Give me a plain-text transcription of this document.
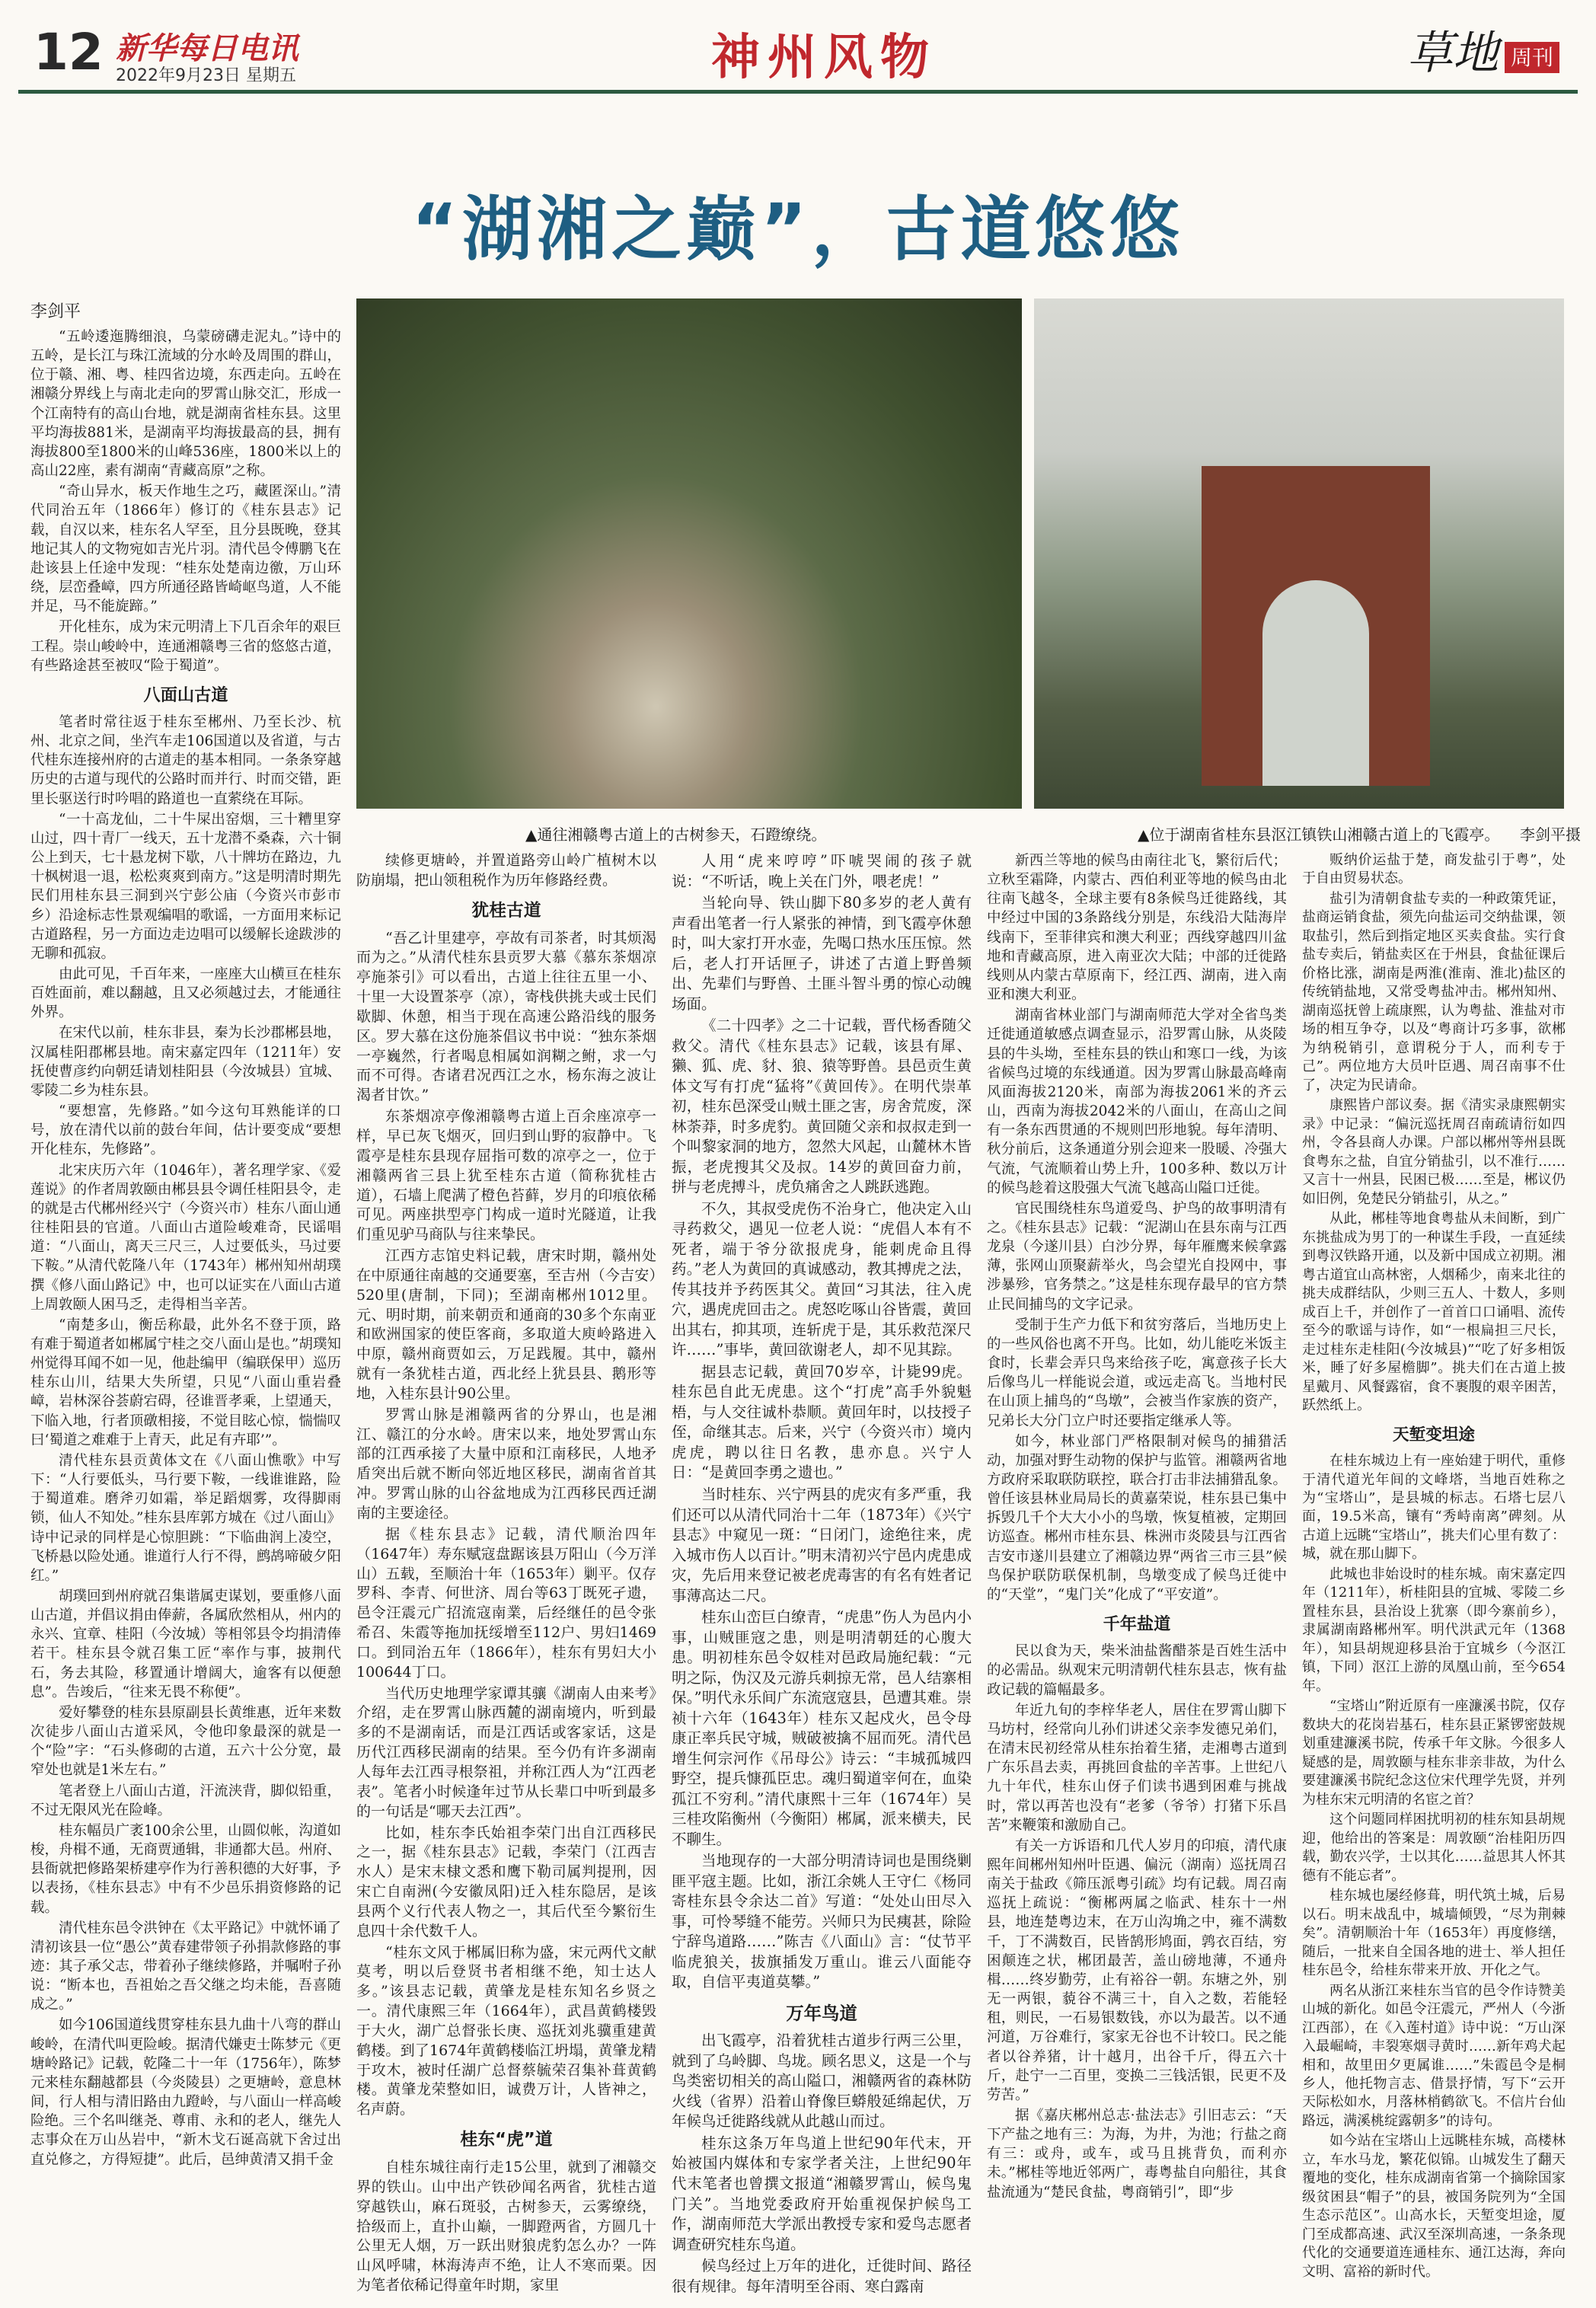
12 新华每日电讯
2022年9月23日 星期五	神州风物	草地 周刊
“湖湘之巅”，古道悠悠
李剑平
▲通往湘赣粤古道上的古树参天，石蹬缭绕。	▲位于湖南省桂东县沤江镇铁山湘赣古道上的飞霞亭。 李剑平摄

“五岭逶迤腾细浪，乌蒙磅礴走泥丸。”诗中的五岭，是长江与珠江流域的分水岭及周围的群山，位于赣、湘、粤、桂四省边境，东西走向。五岭在湘赣分界线上与南北走向的罗霄山脉交汇，形成一个江南特有的高山台地，就是湖南省桂东县。这里平均海拔881米，是湖南平均海拔最高的县，拥有海拔800至1800米的山峰536座，1800米以上的高山22座，素有湖南“青藏高原”之称。

“奇山异水，板天作地生之巧，藏匿深山。”清代同治五年（1866年）修订的《桂东县志》记载，自汉以来，桂东名人罕至，且分县既晚，登其地记其人的文物宛如吉光片羽。清代邑令傅鹏飞在赴该县上任途中发现：“桂东处楚南边徼，万山环绕，层峦叠嶂，四方所通径路皆崎岖鸟道，人不能并足，马不能旋蹄。”

开化桂东，成为宋元明清上下几百余年的艰巨工程。崇山峻岭中，连通湘赣粤三省的悠悠古道，有些路途甚至被叹“险于蜀道”。

八面山古道

笔者时常往返于桂东至郴州、乃至长沙、杭州、北京之间，坐汽车走106国道以及省道，与古代桂东连接州府的古道走的基本相同。一条条穿越历史的古道与现代的公路时而并行、时而交错，距里长驱送行时吟唱的路道也一直萦绕在耳际。

“一十高龙仙，二十牛屎出窑烟，三十糟里穿山过，四十青厂一线天，五十龙潜不桑森，六十铜公上到天，七十悬龙树下歇，八十牌坊在路边，九十枫树退一退，松松爽爽到南方。”这是明清时期先民们用桂东县三洞到兴宁彭公庙（今资兴市彭市乡）沿途标志性景观编唱的歌谣，一方面用来标记古道路程，另一方面边走边唱可以缓解长途跋涉的无聊和孤寂。

由此可见，千百年来，一座座大山横亘在桂东百姓面前，难以翻越，且又必须越过去，才能通往外界。

在宋代以前，桂东非县，秦为长沙郡郴县地，汉属桂阳郡郴县地。南宋嘉定四年（1211年）安抚使曹彦约向朝廷请划桂阳县（今汝城县）宜城、零陵二乡为桂东县。

“要想富，先修路。”如今这句耳熟能详的口号，放在清代以前的鼓台年间，估计要变成“要想开化桂东，先修路”。

北宋庆历六年（1046年），著名理学家、《爱莲说》的作者周敦颐由郴县县令调任桂阳县令，走的就是古代郴州经兴宁（今资兴市）桂东八面山通往桂阳县的官道。八面山古道险峻难奇，民谣唱道：“八面山，离天三尺三，人过要低头，马过要下鞍。”从清代乾隆八年（1743年）郴州知州胡璞撰《修八面山路记》中，也可以证实在八面山古道上周敦颐人困马乏，走得相当辛苦。

“南楚多山，衡岳称最，此外名不登于顶，路有难于蜀道者如郴属宁桂之交八面山是也。”胡璞知州觉得耳闻不如一见，他赴编甲（编联保甲）巡历桂东山川，结果大失所望，只见“八面山重岩叠嶂，岩林深谷荟蔚宕碍，径谁晋孝乘，上望通天，下临入地，行者顶礅相接，不觉目眩心惊，惴惴叹曰‘蜀道之难难于上青天，此足有卉耶’”。

清代桂东县贡黄体文在《八面山憔歌》中写下：“人行要低头，马行要下鞍，一线谁谁路，险于蜀道难。磨斧刃如霜，举足蹈烟雾，攻得脚雨锁，仙人不知处。”桂东县库郭方城在《过八面山》诗中记录的同样是心惊胆跳：“下临曲润上凌空，飞桥悬以险处通。谁道行人行不得，鹧鸪啼破夕阳红。”

胡璞回到州府就召集谐属吏谋划，要重修八面山古道，并倡议捐由俸薪，各属欣然相从，州内的永兴、宜章、桂阳（今汝城）等相邻县令均捐清俸若干。桂东县令就召集工匠“率作与事，披荆代石，务去其险，移置通计增阔大，逾客有以便憩息”。告竣后，“往来无畏不称便”。

爱好攀登的桂东县原副县长黄维惠，近年来数次徒步八面山古道采风，令他印象最深的就是一个“险”字：“石头修砌的古道，五六十公分宽，最窄处也就是1米左右。”

笔者登上八面山古道，汗流浃背，脚似铅重，不过无限风光在险峰。

桂东幅员广袤100余公里，山圆似帐，沟道如梭，舟楫不通，无商贾通辑，非通都大邑。州府、县衙就把修路架桥建亭作为行善积德的大好事，予以表扬，《桂东县志》中有不少邑乐捐资修路的记载。

清代桂东邑令洪钟在《太平路记》中就怀诵了清初该县一位“愚公”黄春建带领子孙捐款修路的事迹：其子承父志，带着孙子继续修路，并嘱咐子孙说：“断本也，吾祖始之吾父继之均未能，吾喜随成之。”

如今106国道线贯穿桂东县九曲十八弯的群山峻岭，在清代叫更险峻。据清代嫌吏士陈梦元《更塘岭路记》记载，乾隆二十一年（1756年），陈梦元来桂东翻越都县（今炎陵县）之更塘岭，意息林间，行人相与清旧路由九蹬岭，与八面山一样高峻险绝。三个名叫继尧、尊甫、永和的老人，继先人志事众在万山丛岩中，“新木戈石诞高就下舍过出直兑修之，方得短捷”。此后，邑绅黄清又捐千金

续修更塘岭，并置道路旁山岭广植树木以防崩塌，把山领租税作为历年修路经费。

犹桂古道

“吾乙计里建亭，亭故有司茶者，时其烦渴而为之。”从清代桂东县贡罗大慕《慕东茶烟凉亭施茶引》可以看出，古道上往往五里一小、十里一大设置茶亭（凉），寄栈供挑夫或士民们歇脚、休憩，相当于现在高速公路沿线的服务区。罗大慕在这份施茶倡议书中说：“独东茶烟一亭巍然，行者喝息相属如润糊之鲋，求一勺而不可得。杏诸君况西江之水，杨东海之波让渴者甘饮。”

东茶烟凉亭像湘赣粤古道上百余座凉亭一样，早已灰飞烟灭，回归到山野的寂静中。飞霞亭是桂东县现存屈指可数的凉亭之一，位于湘赣两省三县上犹至桂东古道（简称犹桂古道），石墙上爬满了橙色苔藓，岁月的印痕依稀可见。两座拱型亭门构成一道时光隧道，让我们重见驴马商队与往来挚民。

江西方志馆史料记载，唐宋时期，赣州处在中原通往南越的交通要塞，至吉州（今吉安）520里(唐制，下同)；至湖南郴州1012里。元、明时期，前来朝贡和通商的30多个东南亚和欧洲国家的使臣客商，多取道大庾岭路进入中原，赣州商贾如云，万足践履。其中，赣州就有一条犹桂古道，西北经上犹县县、鹅形等地，入桂东县计90公里。

罗霄山脉是湘赣两省的分界山，也是湘江、赣江的分水岭。唐宋以来，地处罗霄山东部的江西承接了大量中原和江南移民，人地矛盾突出后就不断向邻近地区移民，湖南省首其冲。罗霄山脉的山谷盆地成为江西移民西迁湖南的主要途径。

据《桂东县志》记载，清代顺治四年（1647年）寿东赋寇盘踞该县万阳山（今万洋山）五载，至顺治十年（1653年）剿平。仅存罗科、李青、何世济、周台等63丁既死孑遗，邑令汪震元广招流寇南業，后经继任的邑令张希召、朱霞等拖加抚绥增至112户、男妇1469口。到同治五年（1866年），桂东有男妇大小100644丁口。

当代历史地理学家谭其骧《湖南人由来考》介绍，走在罗霄山脉西麓的湖南境内，听到最多的不是湖南话，而是江西话或客家话，这是历代江西移民湖南的结果。至今仍有许多湖南人每年去江西寻根祭祖，并称江西人为“江西老表”。笔者小时候逢年过节从长辈口中听到最多的一句话是“哪天去江西”。

比如，桂东李氏始祖李荣门出自江西移民之一，据《桂东县志》记载，李荣门（江西吉水人）是宋末棣文悉和鹰下勒司属判提刑，因宋亡自南洲(今安徽凤阳)迁入桂东隐居，是该县两个义行代表人物之一，其后代至今繁衍生息四十余代数千人。

“桂东文风于郴属旧称为盛，宋元两代文献莫考，明以后登贤书者相继不绝，知士达人多。”该县志记载，黄肇龙是桂东知名乡贤之一。清代康熙三年（1664年），武昌黄鹤楼毁于大火，湖广总督张长庚、巡抚刘兆骥重建黄鹤楼。到了1674年黄鹤楼临江坍塌，黄肇龙精于攻木，被时任湖广总督蔡毓荣召集补葺黄鹤楼。黄肇龙荣整如旧，诚费万计，人皆神之，名声蔚。

桂东“虎”道

自桂东城往南行走15公里，就到了湘赣交界的铁山。山中出产铁砂闻名两省，犹桂古道穿越铁山，麻石斑驳，古树参天，云雾缭绕，拾级而上，直扑山巅，一脚蹬两省，方圆几十公里无人烟，万一跃出财狼虎豹怎么办？一阵山风呼啸，林海涛声不绝，让人不寒而栗。因为笔者依稀记得童年时期，家里

人用“虎来哼哼”吓唬哭闹的孩子就说：“不听话，晚上关在门外，喂老虎！”

当轮向导、铁山脚下80多岁的老人黄有声看出笔者一行人紧张的神情，到飞霞亭休憩时，叫大家打开水壶，先喝口热水压压惊。然后，老人打开话匣子，讲述了古道上野兽频出、先辈们与野兽、土匪斗智斗勇的惊心动魄场面。

《二十四孝》之二十记载，晋代杨香随父救父。清代《桂东县志》记载，该县有犀、獭、狐、虎、豺、狼、猿等野兽。县邑贡生黄体文写有打虎“猛将”《黄回传》。在明代崇革初，桂东邑深受山贼土匪之害，房舍荒废，深林荼莽，时多虎豹。黄回随父亲和叔叔走到一个叫黎家洞的地方，忽然大风起，山麓林木皆振，老虎搜其父及叔。14岁的黄回奋力前，拼与老虎搏斗，虎负痛舍之人跳跃逃跑。

不久，其叔受虎伤不治身亡，他决定入山寻药救父，遇见一位老人说：“虎倡人本有不死者，端于爷分欲报虎身，能刺虎命且得药。”老人为黄回的真诚感动，教其搏虎之法，传其技并予药医其父。黄回“习其法，往入虎穴，遇虎虎回击之。虎怒吃啄山谷皆震，黄回出其右，抑其项，连斩虎于是，其乐救范深尺许……”事毕，黄回欲谢老人，却不见其踪。

据县志记载，黄回70岁卒，计毙99虎。桂东邑自此无虎患。这个“打虎”高手外貌魁梧，与人交往诚朴恭顺。黄回年时，以技授子侄，命继其志。后来，兴宁（今资兴市）境内虎虎，聘以往日名教，患亦息。兴宁人日：“是黄回李勇之遗也。”

当时桂东、兴宁两县的虎灾有多严重，我们还可以从清代同治十二年（1873年）《兴宁县志》中窥见一斑：“日闭门，途绝往来，虎入城市伤人以百计。”明末清初兴宁邑内虎患成灾，先后用来登记被老虎毒害的有名有姓者记事薄高达二尺。

桂东山峦巨白缭青，“虎患”伤人为邑内小事，山贼匪寇之患，则是明清朝廷的心腹大患。明初桂东邑令奴桂对邑政局施纪载：“元明之际，伪汉及元游兵刺掠无常，邑人结寨相保。”明代永乐间广东流寇寇县，邑遭其难。崇祯十六年（1643年）桂东又起戍火，邑令母康正率兵民守城，贼破被擒不屈而死。清代邑增生何宗河作《吊母公》诗云：“丰城孤城四野空，提兵慷孤臣忠。魂归蜀道宰何在，血染孤江不穷利。”清代康熙十三年（1674年）吴三桂攻陷衡州（今衡阳）郴属，派来横夫，民不聊生。

当地现存的一大部分明清诗词也是围绕剿匪平寇主题。比如，浙江余姚人王守仁《杨同寄桂东县令余达二首》写道：“处处山田尽入事，可怜琴缝不能劳。兴师只为民痍甚，除险宁辞鸟道路……”陈吉《八面山》言：“仗节平临虎狼关，拔旗插发万重山。谁云八面能夺取，自信平夷道莫攀。”

万年鸟道

出飞霞亭，沿着犹桂古道步行两三公里，就到了乌岭脚、鸟垅。顾名思义，这是一个与鸟类密切相关的高山隘口，湘赣两省的森林防火线（省界）沿着山脊像巨蟒般延绵起伏，万年候鸟迁徙路线就从此越山而过。

桂东这条万年鸟道上世纪90年代末，开始被国内媒体和专家学者关注，上世纪90年代末笔者也曾撰文报道“湘赣罗霄山，候鸟鬼门关”。当地党委政府开始重视保护候鸟工作，湖南师范大学派出教授专家和爱鸟志愿者调查研究桂东鸟道。

候鸟经过上万年的进化，迁徙时间、路径很有规律。每年清明至谷雨、寒白露南

新西兰等地的候鸟由南往北飞，繁衍后代；立秋至霜降，内蒙古、西伯利亚等地的候鸟由北往南飞越冬，全球主要有8条候鸟迁徙路线，其中经过中国的3条路线分别是，东线沿大陆海岸线南下，至菲律宾和澳大利亚；西线穿越四川盆地和青藏高原，进入南亚次大陆；中部的迁徙路线则从内蒙古草原南下，经江西、湖南，进入南亚和澳大利亚。

湖南省林业部门与湖南师范大学对全省鸟类迁徙通道敏感点调查显示，沿罗霄山脉，从炎陵县的牛头坳，至桂东县的铁山和寒口一线，为该省候鸟过境的东线通道。因为罗霄山脉最高峰南风面海拔2120米，南部为海拔2061米的齐云山，西南为海拔2042米的八面山，在高山之间有一条东西贯通的不规则凹形地貌。每年清明、秋分前后，这条通道分别会迎来一股暖、冷强大气流，气流顺着山势上升，100多种、数以万计的候鸟趁着这股强大气流飞越高山隘口迁徙。

官民围绕桂东鸟道爱鸟、护鸟的故事明清有之。《桂东县志》记载：“泥湖山在县东南与江西龙泉（今遂川县）白沙分界，每年雁鹰来候拿露薄，张网山顶聚薪举火，鸟会望光自投网中，事涉暴殄，官务禁之。”这是桂东现存最早的官方禁止民间捕鸟的文字记录。

受制于生产力低下和贫穷落后，当地历史上的一些风俗也离不开鸟。比如，幼儿能吃米饭主食时，长辈会弄只鸟来给孩子吃，寓意孩子长大后像鸟儿一样能说会道，或远走高飞。当地村民在山顶上捕鸟的“鸟墩”，会被当作家族的资产，兄弟长大分门立户时还要指定继承人等。

如今，林业部门严格限制对候鸟的捕猎活动，加强对野生动物的保护与监管。湘赣两省地方政府采取联防联控，联合打击非法捕猎乱象。曾任该县林业局局长的黄嘉荣说，桂东县已集中拆毁几千个大大小小的鸟墩，恢复植被，定期回访巡查。郴州市桂东县、株洲市炎陵县与江西省吉安市遂川县建立了湘赣边界“两省三市三县”候鸟保护联防联保机制，鸟墩变成了候鸟迁徙中的“天堂”，“鬼门关”化成了“平安道”。

千年盐道

民以食为天，柴米油盐酱醋茶是百姓生活中的必需品。纵观宋元明清朝代桂东县志，恢有盐政记载的篇幅最多。

年近九旬的李梓华老人，居住在罗霄山脚下马坊村，经常向儿孙们讲述父亲李发德兄弟们，在清末民初经常从桂东抬着生猪，走湘粤古道到广东乐昌去卖，再挑回食盐的辛苦事。上世纪八九十年代，桂东山伢子们读书遇到困难与挑战时，常以再苦也没有“老爹（爷爷）打猪下乐昌苦”来鞭策和激励自己。

有关一方诉语和几代人岁月的印痕，清代康熙年间郴州知州叶臣遇、偏沅（湖南）巡抚周召南关于盐政《筛压派粤引疏》均有记载。周召南巡抚上疏说：“衡郴两属之临武、桂东十一州县，地连楚粤边末，在万山沟埆之中，雍不满数千，丁不满数百，民皆鹄形鸠面，鹑衣百结，穷困颠连之状，郴团最苦，盖山磅地薄，不通舟楫……终岁勤劳，止有裕谷一朝。东塘之外，别无一两银，藐谷不满三十，自入之数，若能轻租，则民，一石易银数钱，亦以为最苦。以不通河道，万谷难行，家家无谷也不计较口。民之能者以谷养猪，计十越月，出谷千斤，得五六十斤，赴宁一二百里，变换二三钱活银，民更不及劳苦。”

据《嘉庆郴州总志·盐法志》引旧志云：“天下产盐之地有三：为海，为井，为池；行盐之商有三：或舟，或车，或马且挑背负，而利亦未。”郴桂等地近邻两广，毒粤盐自向船往，其食盐流通为“楚民食盐，粤商销引”，即“步

贩纳价运盐于楚，商发盐引于粤”，处于自由贸易状态。

盐引为清朝食盐专卖的一种政策凭证，盐商运销食盐，须先向盐运司交纳盐课，领取盐引，然后到指定地区买卖食盐。实行食盐专卖后，销盐卖区在于州县，食盐征课后价格比涨，湖南是两淮(淮南、淮北)盐区的传统销盐地，又常受粤盐冲击。郴州知州、湖南巡抚曾上疏康熙，认为粤盐、淮盐对市场的相互争夺，以及“粤商计巧多事，欲郴为纳税销引，意谓税分于人，而利专于己”。两位地方大员叶臣遇、周召南事不仕了，决定为民请命。

康熙皆户部议奏。据《清实录康熙朝实录》中记录：“偏沅巡抚周召南疏请衍如四州，令各县商人办课。户部以郴州等州县既食粤东之盐，自宜分销盐引，以不准行……又言十一州县，民困已极……至是，郴议仍如旧例，免楚民分销盐引，从之。”

从此，郴桂等地食粤盐从未间断，到广东挑盐成为男丁的一种谋生手段，一直延续到粤汉铁路开通，以及新中国成立初期。湘粤古道宜山高林密，人烟稀少，南来北往的挑夫成群结队，少则三五人、十数人，多则成百上千，并创作了一首首口口诵唱、流传至今的歌谣与诗作，如“一根扁担三尺长，走过桂东走桂阳(今汝城县)”“吃了好多相饭米，睡了好多屋檐脚”。挑夫们在古道上披星戴月、风餐露宿，食不裹腹的艰辛困苦，跃然纸上。

天堑变坦途

在桂东城边上有一座始建于明代，重修于清代道光年间的文峰塔，当地百姓称之为“宝塔山”，是县城的标志。石塔七层八面，19.5米高，镶有“秀峙南离”碑刻。从古道上远眺“宝塔山”，挑夫们心里有数了：城，就在那山脚下。

此城也非始设时的桂东城。南宋嘉定四年（1211年），析桂阳县的宜城、零陵二乡置桂东县，县治设上犹寨（即今寨前乡），隶属湖南路郴州军。明代洪武元年（1368年），知县胡规迎移县治于宜城乡（今沤江镇，下同）沤江上游的凤凰山前，至今654年。

“宝塔山”附近原有一座濂溪书院，仅存数块大的花岗岩基石，桂东县正紧锣密鼓规划重建濂溪书院，传承千年文脉。今很多人疑感的是，周敦颐与桂东非亲非故，为什么要建濂溪书院纪念这位宋代理学先贤，并列为桂东宋元明清的名宦之首？

这个问题同样困扰明初的桂东知县胡规迎，他给出的答案是：周敦颐“治桂阳历四载，勤农兴学，士以其化……益思其人怀其德有不能忘者”。

桂东城也屡经修葺，明代筑土城，后易以石。明末战乱中，城墙倾毁，“尽为荆棘矣”。清朝顺治十年（1653年）再度修缮，随后，一批来自全国各地的进士、举人担任桂东邑令，给桂东带来开放、开化之气。

两名从浙江来桂东当官的邑令作诗赞美山城的新化。如邑令汪震元，严州人（今浙江西部），在《入莲村道》诗中说：“万山深入最崛崎，丰裂寒烟寻黄时……新年鸡犬起相和，故里田夕更属谁……”朱霞邑令是桐乡人，他托物言志、借景抒情，写下“云开天际松如水，月落林梢鹤欲飞。不信片台仙路远，满溪桃绽露朝多”的诗句。

如今站在宝塔山上远眺桂东城，高楼林立，车水马龙，繁花似锦。山城发生了翻天覆地的变化，桂东成湖南省第一个摘除国家级贫困县“帽子”的县，被国务院列为“全国生态示范区”。山高水长，天堑变坦途，厦门至成都高速、武汉至深圳高速，一条条现代化的交通要道连通桂东、通江达海，奔向文明、富裕的新时代。
